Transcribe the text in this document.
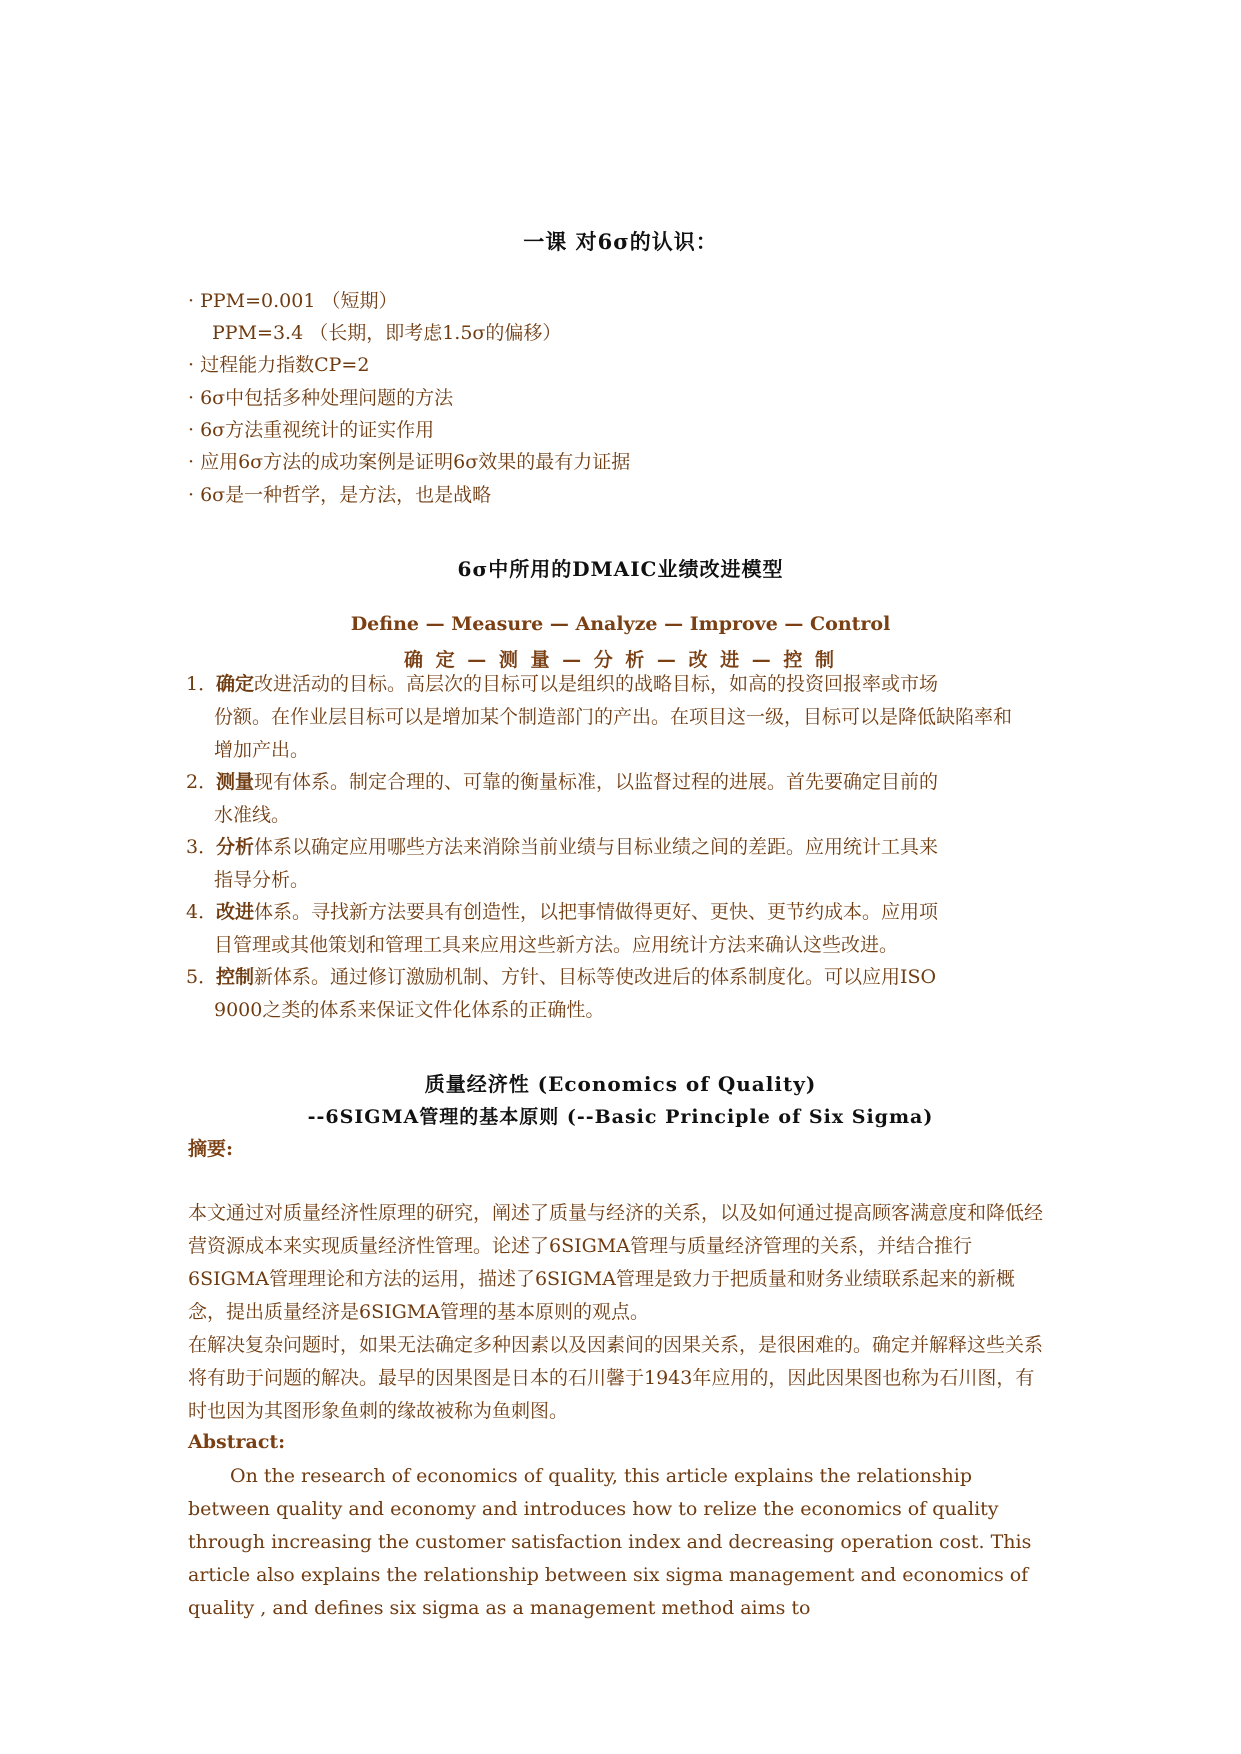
一课 对6σ的认识：
· PPM=0.001 （短期）
PPM=3.4 （长期，即考虑1.5σ的偏移）
· 过程能力指数CP=2
· 6σ中包括多种处理问题的方法
· 6σ方法重视统计的证实作用
· 应用6σ方法的成功案例是证明6σ效果的最有力证据
· 6σ是一种哲学，是方法，也是战略
6σ中所用的DMAIC业绩改进模型
Define — Measure — Analyze — Improve — Control
确 定 — 测 量 — 分 析 — 改 进 — 控 制
1．确定改进活动的目标。高层次的目标可以是组织的战略目标，如高的投资回报率或市场
份额。在作业层目标可以是增加某个制造部门的产出。在项目这一级，目标可以是降低缺陷率和增加产出。
2．测量现有体系。制定合理的、可靠的衡量标准，以监督过程的进展。首先要确定目前的
水准线。
3．分析体系以确定应用哪些方法来消除当前业绩与目标业绩之间的差距。应用统计工具来
指导分析。
4．改进体系。寻找新方法要具有创造性，以把事情做得更好、更快、更节约成本。应用项
目管理或其他策划和管理工具来应用这些新方法。应用统计方法来确认这些改进。
5．控制新体系。通过修订激励机制、方针、目标等使改进后的体系制度化。可以应用ISO
9000之类的体系来保证文件化体系的正确性。
质量经济性 (Economics of Quality)
--6SIGMA管理的基本原则 (--Basic Principle of Six Sigma)
摘要:
本文通过对质量经济性原理的研究，阐述了质量与经济的关系，以及如何通过提高顾客满意度和降低经营资源成本来实现质量经济性管理。论述了6SIGMA管理与质量经济管理的关系，并结合推行6SIGMA管理理论和方法的运用，描述了6SIGMA管理是致力于把质量和财务业绩联系起来的新概念，提出质量经济是6SIGMA管理的基本原则的观点。
在解决复杂问题时，如果无法确定多种因素以及因素间的因果关系，是很困难的。确定并解释这些关系将有助于问题的解决。最早的因果图是日本的石川馨于1943年应用的，因此因果图也称为石川图，有时也因为其图形象鱼刺的缘故被称为鱼刺图。
Abstract:
On the research of economics of quality, this article explains the relationship between quality and economy and introduces how to relize the economics of quality through increasing the customer satisfaction index and decreasing operation cost. This article also explains the relationship between six sigma management and economics of quality , and defines six sigma as a management method aims to
